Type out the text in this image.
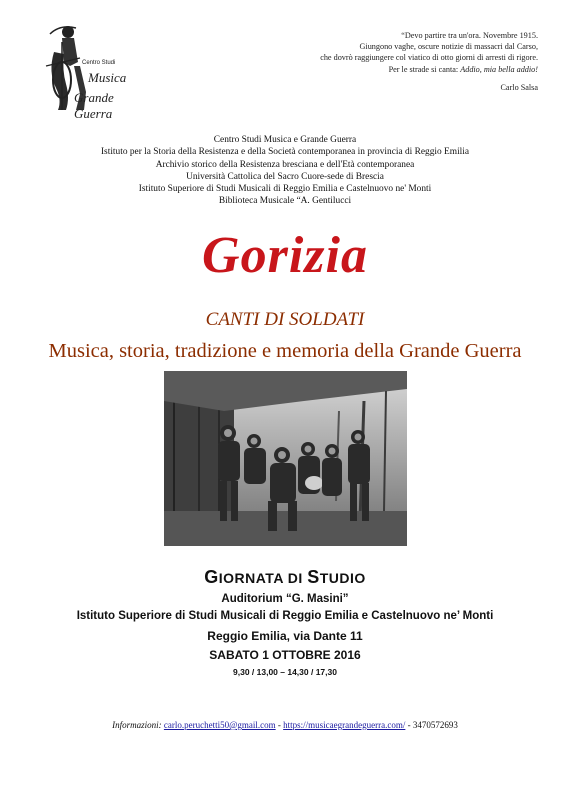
Centro Studi
Musica
Grande Guerra
“Devo partire tra un'ora. Novembre 1915.
Giungono vaghe, oscure notizie di massacri dal Carso,
che dovrò raggiungere col viatico di otto giorni di arresti di rigore.
Per le strade si canta: Addio, mia bella addio!
Carlo Salsa
Centro Studi Musica e Grande Guerra
Istituto per la Storia della Resistenza e della Società contemporanea in provincia di Reggio Emilia
Archivio storico della Resistenza bresciana e dell'Età contemporanea
Università Cattolica del Sacro Cuore-sede di Brescia
Istituto Superiore di Studi Musicali di Reggio Emilia e Castelnuovo ne' Monti
Biblioteca Musicale “A. Gentilucci
Gorizia
CANTI DI SOLDATI
Musica, storia, tradizione e memoria della Grande Guerra
GIORNATA DI STUDIO
Auditorium “G. Masini”
Istituto Superiore di Studi Musicali di Reggio Emilia e Castelnuovo ne’ Monti
Reggio Emilia, via Dante 11
SABATO 1 OTTOBRE 2016
9,30 / 13,00 – 14,30 / 17,30
Informazioni: carlo.peruchetti50@gmail.com - https://musicaegrandeguerra.com/ - 3470572693
